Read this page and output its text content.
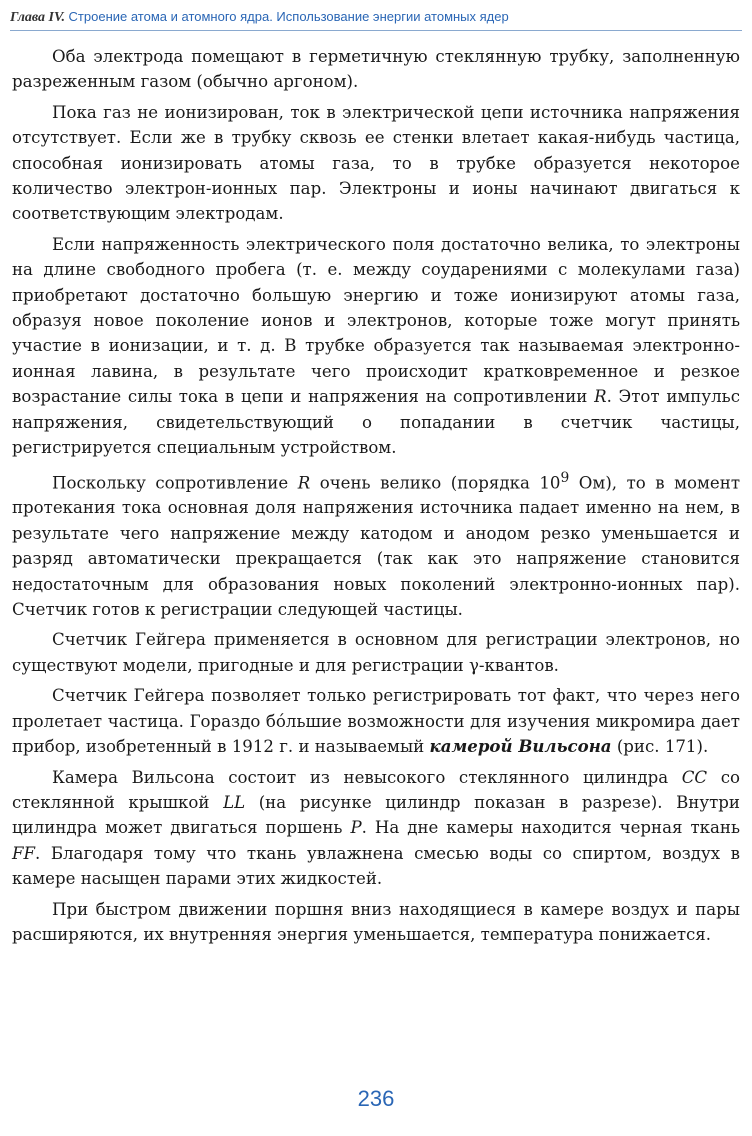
Глава IV. Строение атома и атомного ядра. Использование энергии атомных ядер

Оба электрода помещают в герметичную стеклянную трубку, заполненную разреженным газом (обычно аргоном).

Пока газ не ионизирован, ток в электрической цепи источника напряжения отсутствует. Если же в трубку сквозь ее стенки влетает какая-нибудь частица, способная ионизировать атомы газа, то в трубке образуется некоторое количество электрон-ионных пар. Электроны и ионы начинают двигаться к соответствующим электродам.

Если напряженность электрического поля достаточно велика, то электроны на длине свободного пробега (т. е. между соударениями с молекулами газа) приобретают достаточно большую энергию и тоже ионизируют атомы газа, образуя новое поколение ионов и электронов, которые тоже могут принять участие в ионизации, и т. д. В трубке образуется так называемая электронно-ионная лавина, в результате чего происходит кратковременное и резкое возрастание силы тока в цепи и напряжения на сопротивлении R. Этот импульс напряжения, свидетельствующий о попадании в счетчик частицы, регистрируется специальным устройством.

Поскольку сопротивление R очень велико (порядка $10^9$ Ом), то в момент протекания тока основная доля напряжения источника падает именно на нем, в результате чего напряжение между катодом и анодом резко уменьшается и разряд автоматически прекращается (так как это напряжение становится недостаточным для образования новых поколений электронно-ионных пар). Счетчик готов к регистрации следующей частицы.

Счетчик Гейгера применяется в основном для регистрации электронов, но существуют модели, пригодные и для регистрации γ-квантов.

Счетчик Гейгера позволяет только регистрировать тот факт, что через него пролетает частица. Гораздо бóльшие возможности для изучения микромира дает прибор, изобретенный в 1912 г. и называемый камерой Вильсона (рис. 171).

Камера Вильсона состоит из невысокого стеклянного цилиндра CC со стеклянной крышкой LL (на рисунке цилиндр показан в разрезе). Внутри цилиндра может двигаться поршень P. На дне камеры находится черная ткань FF. Благодаря тому что ткань увлажнена смесью воды со спиртом, воздух в камере насыщен парами этих жидкостей.

При быстром движении поршня вниз находящиеся в камере воздух и пары расширяются, их внутренняя энергия уменьшается, температура понижается.

236
